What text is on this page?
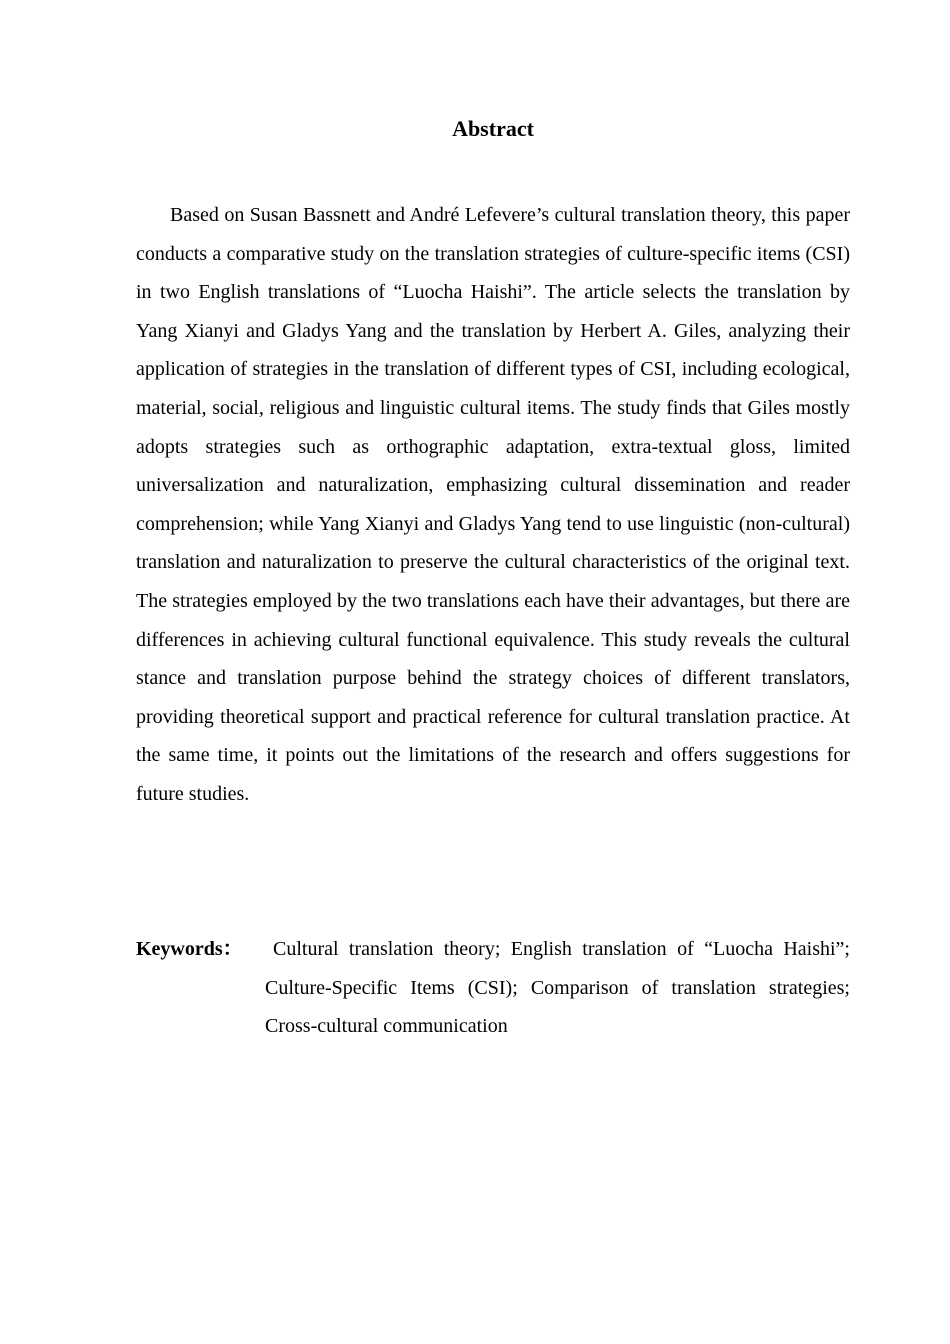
Abstract

Based on Susan Bassnett and André Lefevere’s cultural translation theory, this paper conducts a comparative study on the translation strategies of culture-specific items (CSI) in two English translations of “Luocha Haishi”. The article selects the translation by Yang Xianyi and Gladys Yang and the translation by Herbert A. Giles, analyzing their application of strategies in the translation of different types of CSI, including ecological, material, social, religious and linguistic cultural items. The study finds that Giles mostly adopts strategies such as orthographic adaptation, extra-textual gloss, limited universalization and naturalization, emphasizing cultural dissemination and reader comprehension; while Yang Xianyi and Gladys Yang tend to use linguistic (non-cultural) translation and naturalization to preserve the cultural characteristics of the original text. The strategies employed by the two translations each have their advantages, but there are differences in achieving cultural functional equivalence. This study reveals the cultural stance and translation purpose behind the strategy choices of different translators, providing theoretical support and practical reference for cultural translation practice. At the same time, it points out the limitations of the research and offers suggestions for future studies.

Keywords：	Cultural translation theory; English translation of “Luocha Haishi”; Culture-Specific Items (CSI); Comparison of translation strategies; Cross-cultural communication
